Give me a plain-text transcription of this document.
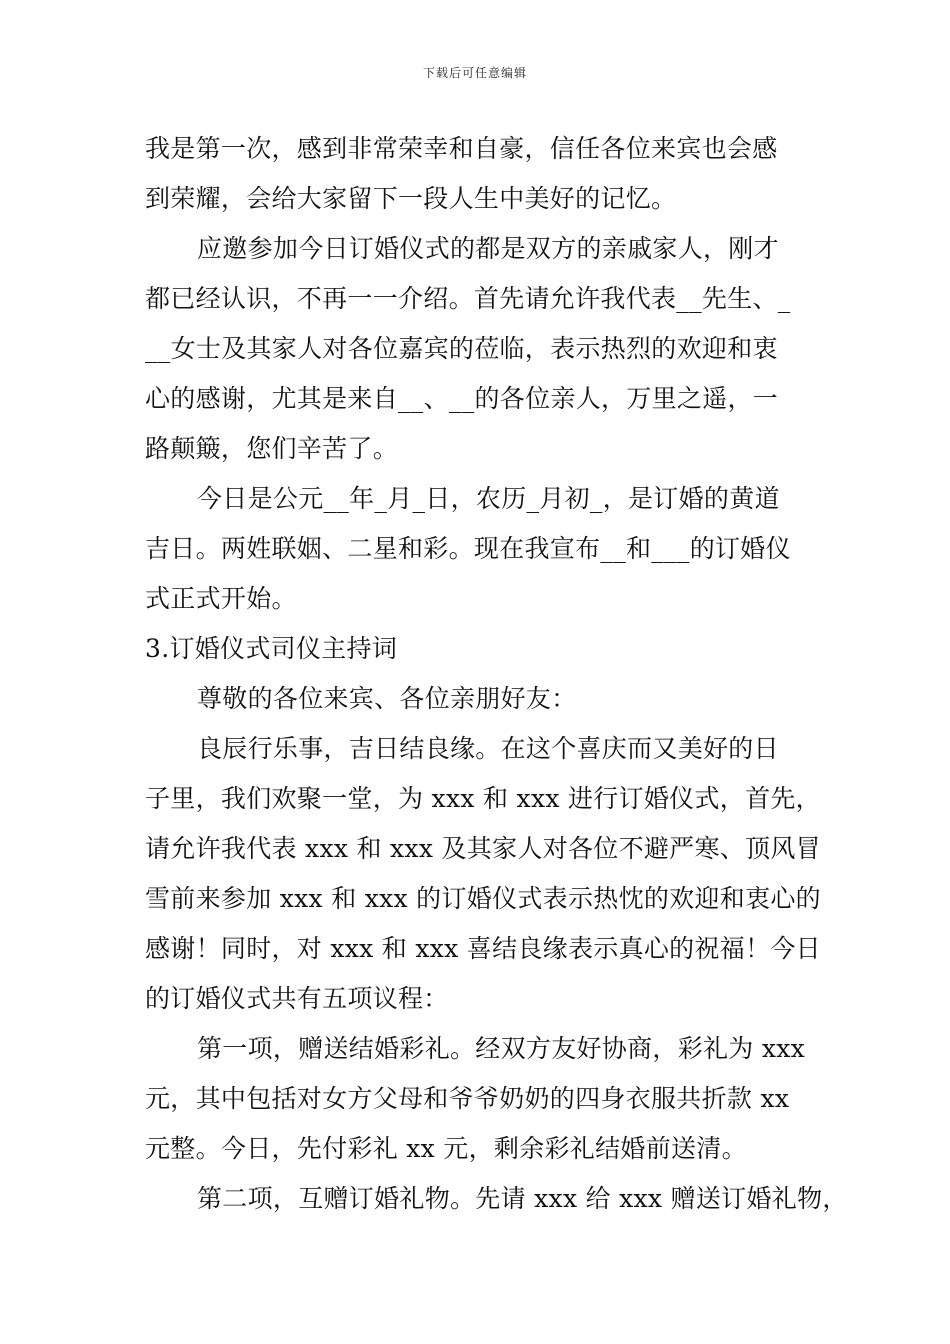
下载后可任意编辑
我是第一次，感到非常荣幸和自豪，信任各位来宾也会感
到荣耀，会给大家留下一段人生中美好的记忆。
应邀参加今日订婚仪式的都是双方的亲戚家人，刚才
都已经认识，不再一一介绍。首先请允许我代表__先生、_
__女士及其家人对各位嘉宾的莅临，表示热烈的欢迎和衷
心的感谢，尤其是来自__、__的各位亲人，万里之遥，一
路颠簸，您们辛苦了。
今日是公元__年_月_日，农历_月初_，是订婚的黄道
吉日。两姓联姻、二星和彩。现在我宣布__和___的订婚仪
式正式开始。
3.订婚仪式司仪主持词
尊敬的各位来宾、各位亲朋好友：
良辰行乐事，吉日结良缘。在这个喜庆而又美好的日
子里，我们欢聚一堂，为 xxx 和 xxx 进行订婚仪式，首先，
请允许我代表 xxx 和 xxx 及其家人对各位不避严寒、顶风冒
雪前来参加 xxx 和 xxx 的订婚仪式表示热忱的欢迎和衷心的
感谢！同时，对 xxx 和 xxx 喜结良缘表示真心的祝福！今日
的订婚仪式共有五项议程：
第一项，赠送结婚彩礼。经双方友好协商，彩礼为 xxx
元，其中包括对女方父母和爷爷奶奶的四身衣服共折款 xx
元整。今日，先付彩礼 xx 元，剩余彩礼结婚前送清。
第二项，互赠订婚礼物。先请 xxx 给 xxx 赠送订婚礼物，
